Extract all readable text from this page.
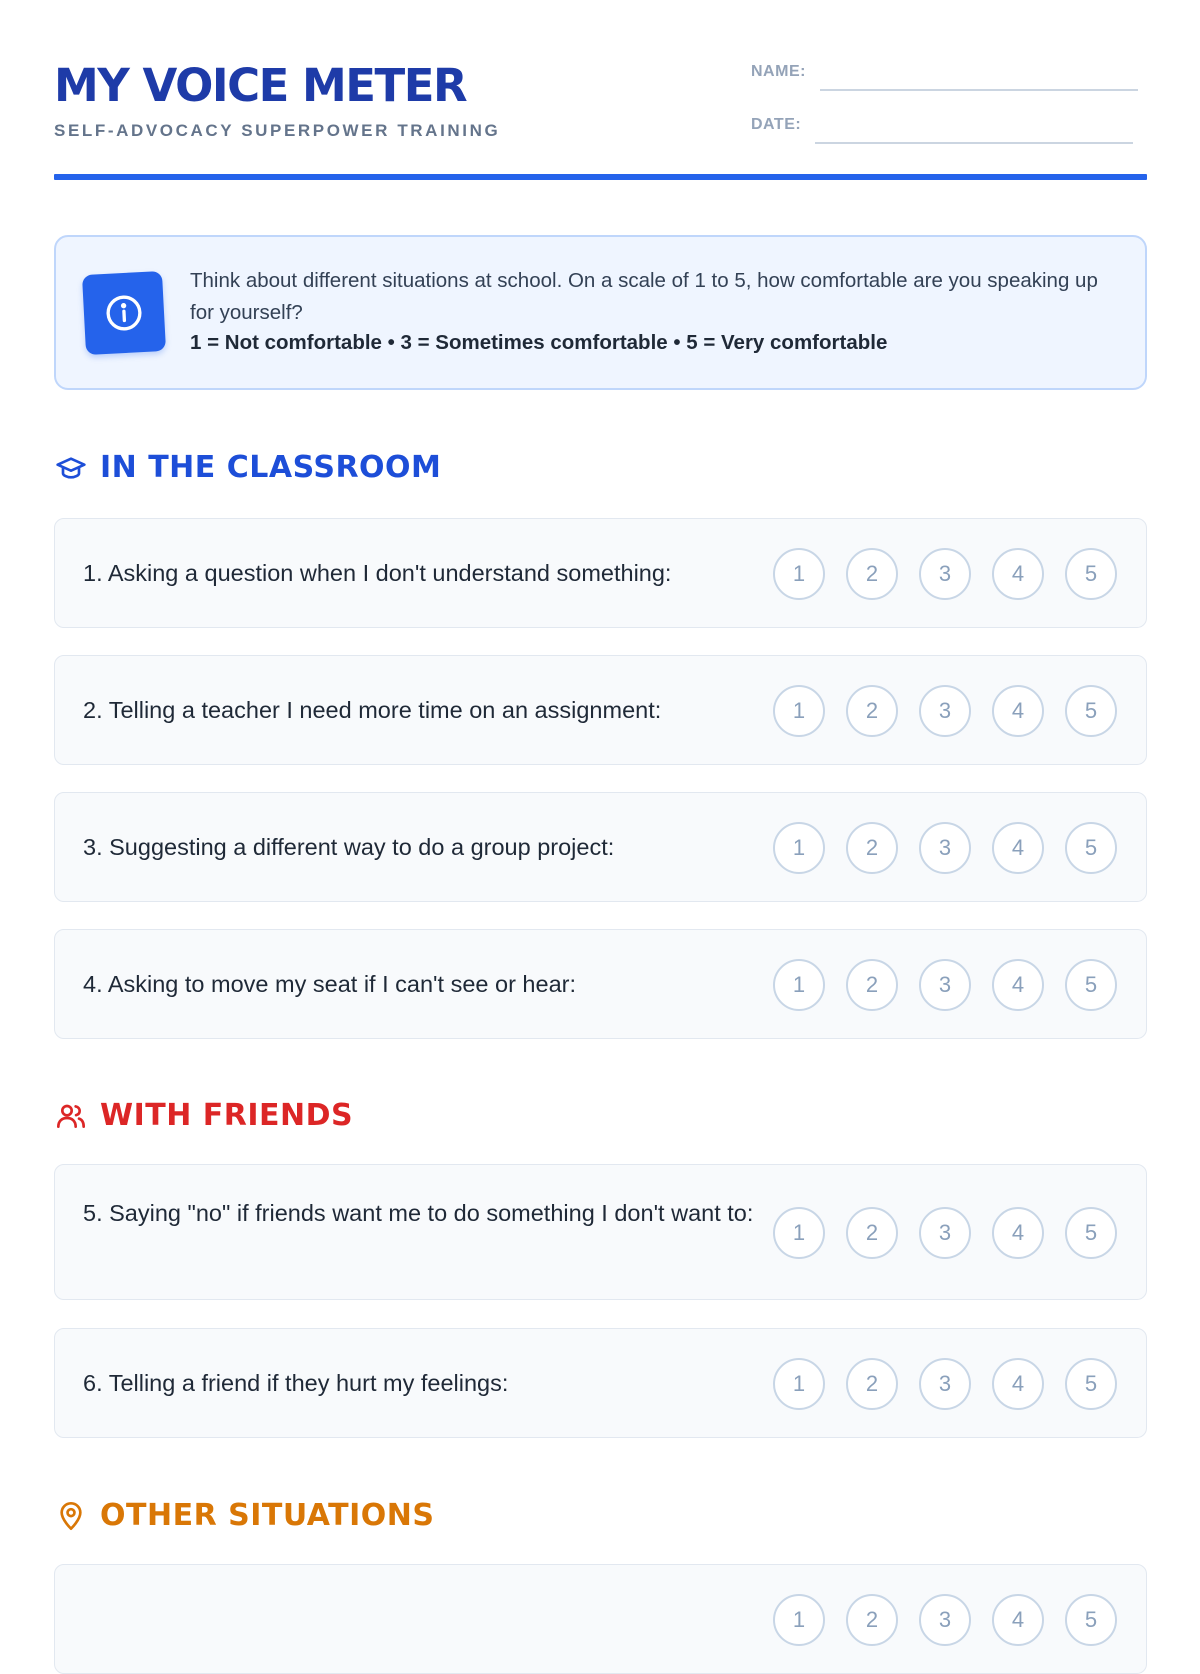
MY VOICE METER
SELF-ADVOCACY SUPERPOWER TRAINING
NAME:
DATE:
Think about different situations at school. On a scale of 1 to 5, how comfortable are you speaking up for yourself?
1 = Not comfortable • 3 = Sometimes comfortable • 5 = Very comfortable
IN THE CLASSROOM
1. Asking a question when I don't understand something:	1	2	3	4	5
2. Telling a teacher I need more time on an assignment:	1	2	3	4	5
3. Suggesting a different way to do a group project:	1	2	3	4	5
4. Asking to move my seat if I can't see or hear:	1	2	3	4	5
WITH FRIENDS
5. Saying "no" if friends want me to do something I don't want to:
1	2	3	4	5
6. Telling a friend if they hurt my feelings:	1	2	3	4	5
OTHER SITUATIONS
1	2	3	4	5
